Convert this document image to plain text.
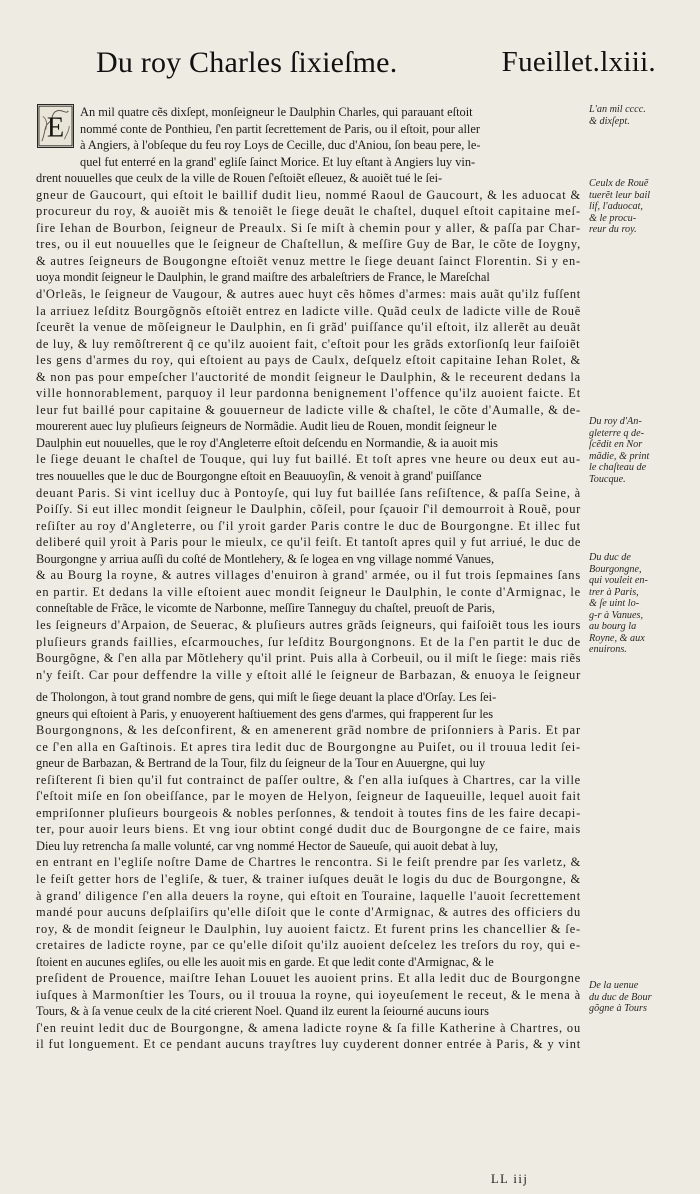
Du roy Charles ſixieſme.	Fueillet.lxiii.
E
An mil quatre cẽs dixſept, monſeigneur le Daulphin Charles, qui parauant eſtoit
nommé conte de Ponthieu, ſ'en partit ſecrettement de Paris, ou il eſtoit, pour aller
à Angiers, à l'obſeque du feu roy Loys de Cecille, duc d'Aniou, ſon beau pere, le-
quel fut enterré en la grand' egliſe ſainct Morice. Et luy eſtant à Angiers luy vin-
drent nouuelles que ceulx de la ville de Rouen ſ'eſtoiẽt eſleuez, & auoiẽt tué le ſei-
gneur de Gaucourt, qui eſtoit le baillif dudit lieu, nommé Raoul de Gaucourt, & les aduocat &
procureur du roy, & auoiẽt mis & tenoiẽt le ſiege deuãt le chaſtel, duquel eſtoit capitaine meſ-
ſire Iehan de Bourbon, ſeigneur de Preaulx. Si ſe miſt à chemin pour y aller, & paſſa par Char-
tres, ou il eut nouuelles que le ſeigneur de Chaſtellun, & meſſire Guy de Bar, le cõte de Ioygny,
& autres ſeigneurs de Bougongne eſtoiẽt venuz mettre le ſiege deuant ſainct Florentin. Si y en-
uoya mondit ſeigneur le Daulphin, le grand maiſtre des arbaleſtriers de France, le Mareſchal
d'Orleãs, le ſeigneur de Vaugour, & autres auec huyt cẽs hõmes d'armes: mais auãt qu'ilz fuſſent
la arriuez leſditz Bourgõgnõs eſtoiẽt entrez en ladicte ville. Quãd ceulx de ladicte ville de Rouẽ
ſceurẽt la venue de mõſeigneur le Daulphin, en ſi grãd' puiſſance qu'il eſtoit, ilz allerẽt au deuãt
de luy, & luy remõſtrerent q̃ ce qu'ilz auoient fait, c'eſtoit pour les grãds extorſionſq leur faiſoiẽt
les gens d'armes du roy, qui eſtoient au pays de Caulx, deſquelz eſtoit capitaine Iehan Rolet, &
& non pas pour empeſcher l'auctorité de mondit ſeigneur le Daulphin, & le receurent dedans la
ville honnorablement, parquoy il leur pardonna benignement l'offence qu'ilz auoient faicte. Et
leur fut baillé pour capitaine & gouuerneur de ladicte ville & chaſtel, le cõte d'Aumalle, & de-
mourerent auec luy pluſieurs ſeigneurs de Normãdie. Audit lieu de Rouen, mondit ſeigneur le
Daulphin eut nouuelles, que le roy d'Angleterre eſtoit deſcendu en Normandie, & ia auoit mis
le ſiege deuant le chaſtel de Touque, qui luy fut baillé. Et toſt apres vne heure ou deux eut au-
tres nouuelles que le duc de Bourgongne eſtoit en Beauuoyſin, & venoit à grand' puiſſance
deuant Paris. Si vint icelluy duc à Pontoyſe, qui luy fut baillée ſans reſiſtence, & paſſa Seine, à
Poiſſy. Si eut illec mondit ſeigneur le Daulphin, cõſeil, pour ſçauoir ſ'il demourroit à Rouẽ, pour
reſiſter au roy d'Angleterre, ou ſ'il yroit garder Paris contre le duc de Bourgongne. Et illec fut
deliberé quil yroit à Paris pour le mieulx, ce qu'il feiſt. Et tantoſt apres quil y fut arriué, le duc de
Bourgongne y arriua auſſi du coſté de Montlehery, & ſe logea en vng village nommé Vanues,
& au Bourg la royne, & autres villages d'enuiron à grand' armée, ou il fut trois ſepmaines ſans
en partir. Et dedans la ville eſtoient auec mondit ſeigneur le Daulphin, le conte d'Armignac, le
conneſtable de Frãce, le vicomte de Narbonne, meſſire Tanneguy du chaſtel, preuoſt de Paris,
les ſeigneurs d'Arpaion, de Seuerac, & pluſieurs autres grãds ſeigneurs, qui faiſoiẽt tous les iours
pluſieurs grands faillies, eſcarmouches, ſur leſditz Bourgongnons. Et de la ſ'en partit le duc de
Bourgõgne, & ſ'en alla par Mõtlehery qu'il print. Puis alla à Corbeuil, ou il miſt le ſiege: mais riẽs
n'y feiſt. Car pour deffendre la ville y eſtoit allé le ſeigneur de Barbazan, & enuoya le ſeigneur
de Tholongon, à tout grand nombre de gens, qui miſt le ſiege deuant la place d'Orſay. Les ſei-
gneurs qui eſtoient à Paris, y enuoyerent haſtiuement des gens d'armes, qui frapperent ſur les
Bourgongnons, & les deſconfirent, & en amenerent grãd nombre de priſonniers à Paris. Et par
ce ſ'en alla en Gaſtinois. Et apres tira ledit duc de Bourgongne au Puiſet, ou il trouua ledit ſei-
gneur de Barbazan, & Bertrand de la Tour, filz du ſeigneur de la Tour en Auuergne, qui luy
reſiſterent ſi bien qu'il fut contrainct de paſſer oultre, & ſ'en alla iuſques à Chartres, car la ville
ſ'eſtoit miſe en ſon obeiſſance, par le moyen de Helyon, ſeigneur de Iaqueuille, lequel auoit fait
empriſonner pluſieurs bourgeois & nobles perſonnes, & tendoit à toutes fins de les faire decapi-
ter, pour auoir leurs biens. Et vng iour obtint congé dudit duc de Bourgongne de ce faire, mais
Dieu luy retrencha ſa malle volunté, car vng nommé Hector de Saueuſe, qui auoit debat à luy,
en entrant en l'egliſe noſtre Dame de Chartres le rencontra. Si le feiſt prendre par ſes varletz, &
le feiſt getter hors de l'egliſe, & tuer, & trainer iuſques deuãt le logis du duc de Bourgongne, &
à grand' diligence ſ'en alla deuers la royne, qui eſtoit en Touraine, laquelle l'auoit ſecrettement
mandé pour aucuns deſplaiſirs qu'elle diſoit que le conte d'Armignac, & autres des officiers du
roy, & de mondit ſeigneur le Daulphin, luy auoient faictz. Et furent prins les chancellier & ſe-
cretaires de ladicte royne, par ce qu'elle diſoit qu'ilz auoient deſcelez les treſors du roy, qui e-
ſtoient en aucunes egliſes, ou elle les auoit mis en garde. Et que ledit conte d'Armignac, & le
preſident de Prouence, maiſtre Iehan Louuet les auoient prins. Et alla ledit duc de Bourgongne
iuſques à Marmonſtier les Tours, ou il trouua la royne, qui ioyeuſement le receut, & le mena à
Tours, & à ſa venue ceulx de la cité crierent Noel. Quand ilz eurent la ſeiourné aucuns iours
ſ'en reuint ledit duc de Bourgongne, & amena ladicte royne & ſa fille Katherine à Chartres, ou
il fut longuement. Et ce pendant aucuns trayſtres luy cuyderent donner entrée à Paris, & y vint
L'an mil cccc.
& dixſept.
Ceulx de Rouẽ
tuerẽt leur bail
lif, l'aduocat,
& le procu-
reur du roy.
Du roy d'An-
gleterre q de-
ſcẽdit en Nor
mãdie, & print
le chaſteau de
Toucque.
Du duc de
Bourgongne,
qui vouleit en-
trer à Paris,
& ſe uint lo-
g-r à Vanues,
au bourg la
Royne, & aux
enuirons.
De la uenue
du duc de Bour
gõgne à Tours
LL iij
